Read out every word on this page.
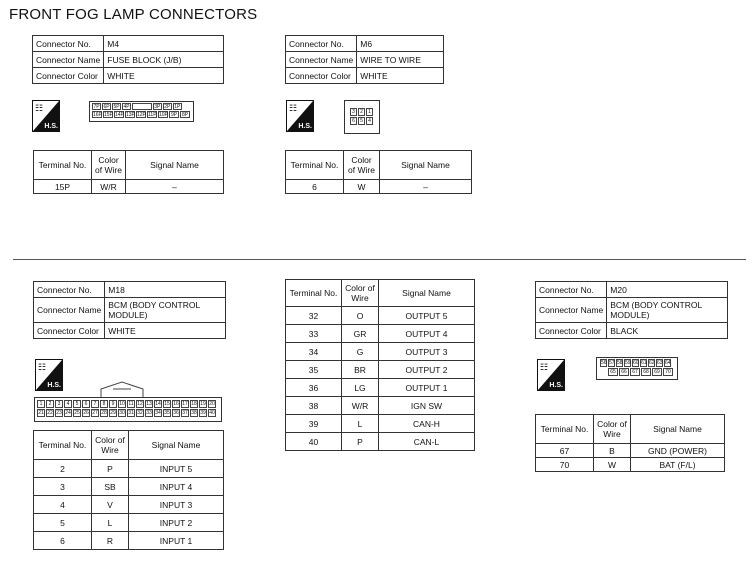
FRONT FOG LAMP CONNECTORS
Connector No.	M4
Connector Name	FUSE BLOCK (J/B)
Connector Color	WHITE
☷
H.S.
7P 6P 5P 4P	3P 2P 1P
16P 15P 14P 13P 12P 11P 10P 9P 8P
Terminal No.	Color of Wire	Signal Name
15P	W/R	–
Connector No.	M6
Connector Name	WIRE TO WIRE
Connector Color	WHITE
☷
H.S.
3	2	1
6	5	4
Terminal No.	Color of Wire	Signal Name
6	W	–
Connector No.	M18
Connector Name	BCM (BODY CONTROL MODULE)
Connector Color	WHITE
☷
H.S.
1	2	3	4	5	6	7	8	9 10 11 12 13 14 15 16 17 18 19 20
21 22 23 24 25 26 27 28 29 30 31 32 33 34 35 36 37 38 39 40
Terminal No.	Color of Wire	Signal Name
2	P	INPUT 5
3	SB	INPUT 4
4	V	INPUT 3
5	L	INPUT 2
6	R	INPUT 1
Terminal No.	Color of Wire	Signal Name
32	O	OUTPUT 5
33	GR	OUTPUT 4
34	G	OUTPUT 3
35	BR	OUTPUT 2
36	LG	OUTPUT 1
38	W/R	IGN SW
39	L	CAN-H
40	P	CAN-L
Connector No.	M20
Connector Name	BCM (BODY CONTROL MODULE)
Connector Color	BLACK
☷
H.S.
56 57 58 59 60 61 62 63 64
65	66	67	68	69	70
Terminal No.	Color of Wire	Signal Name
67	B	GND (POWER)
70	W	BAT (F/L)
